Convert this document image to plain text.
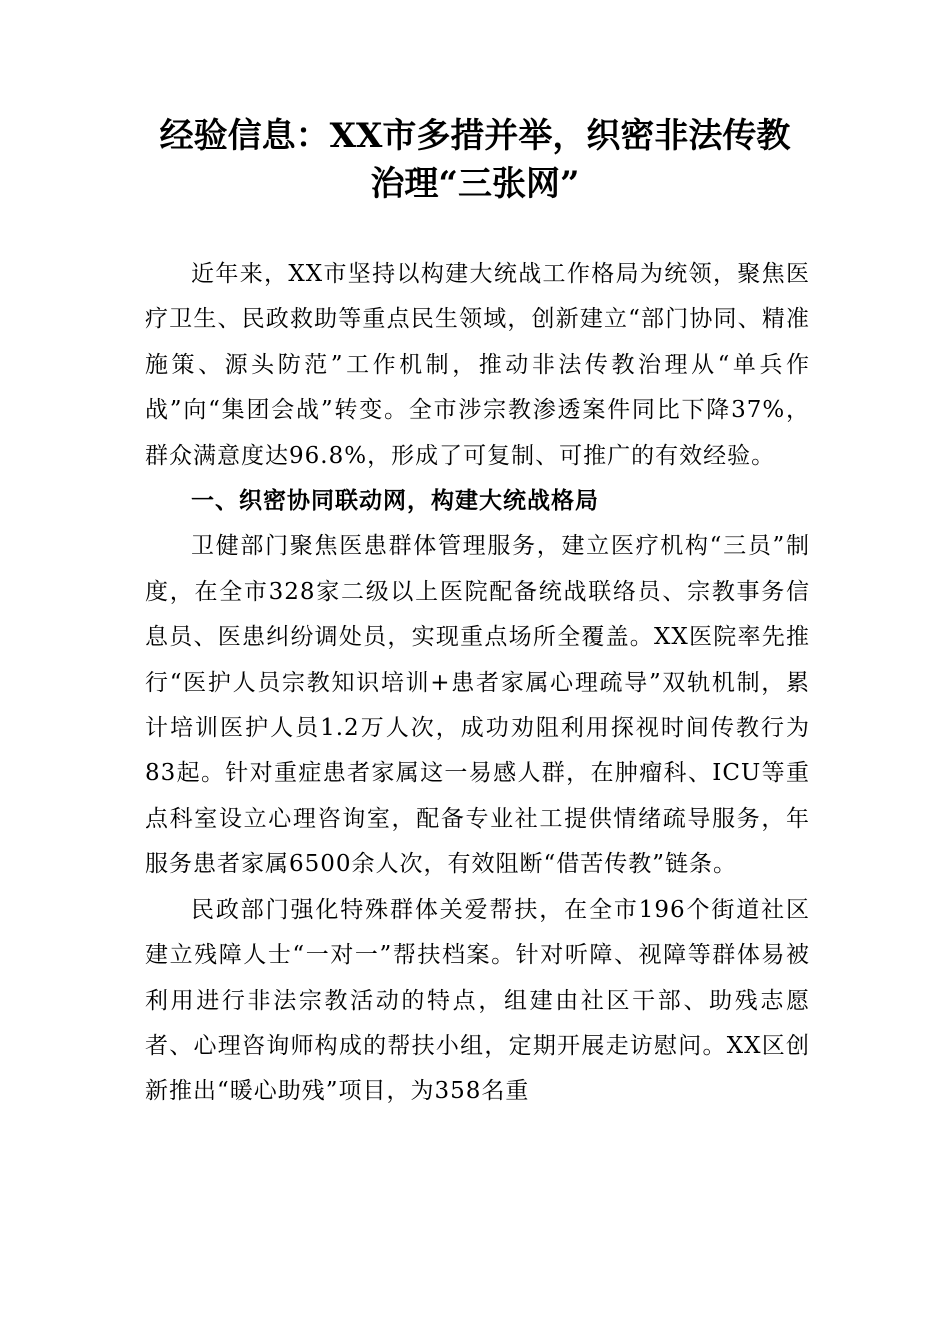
经验信息：XX市多措并举，织密非法传教
治理“三张网”

近年来，XX市坚持以构建大统战工作格局为统领，聚焦医疗卫生、民政救助等重点民生领域，创新建立“部门协同、精准施策、源头防范”工作机制，推动非法传教治理从“单兵作战”向“集团会战”转变。全市涉宗教渗透案件同比下降37%，群众满意度达96.8%，形成了可复制、可推广的有效经验。

一、织密协同联动网，构建大统战格局

卫健部门聚焦医患群体管理服务，建立医疗机构“三员”制度，在全市328家二级以上医院配备统战联络员、宗教事务信息员、医患纠纷调处员，实现重点场所全覆盖。XX医院率先推行“医护人员宗教知识培训+患者家属心理疏导”双轨机制，累计培训医护人员1.2万人次，成功劝阻利用探视时间传教行为83起。针对重症患者家属这一易感人群，在肿瘤科、ICU等重点科室设立心理咨询室，配备专业社工提供情绪疏导服务，年服务患者家属6500余人次，有效阻断“借苦传教”链条。

民政部门强化特殊群体关爱帮扶，在全市196个街道社区建立残障人士“一对一”帮扶档案。针对听障、视障等群体易被利用进行非法宗教活动的特点，组建由社区干部、助残志愿者、心理咨询师构成的帮扶小组，定期开展走访慰问。XX区创新推出“暖心助残”项目，为358名重
